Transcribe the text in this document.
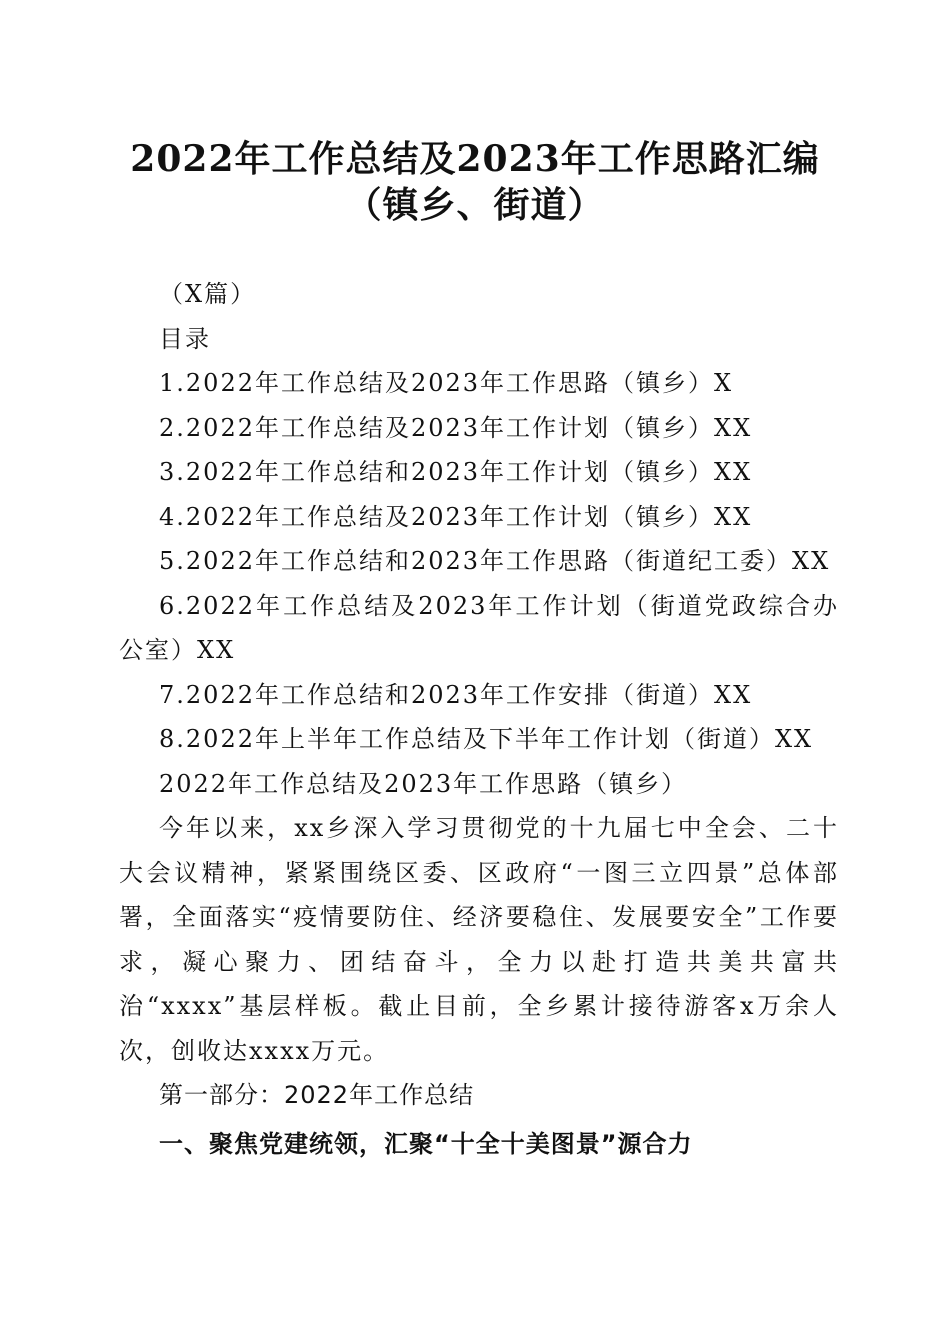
2022年工作总结及2023年工作思路汇编（镇乡、街道）

（X篇）

目录

1.2022年工作总结及2023年工作思路（镇乡）X

2.2022年工作总结及2023年工作计划（镇乡）XX

3.2022年工作总结和2023年工作计划（镇乡）XX

4.2022年工作总结及2023年工作计划（镇乡）XX

5.2022年工作总结和2023年工作思路（街道纪工委）XX

6.2022年工作总结及2023年工作计划（街道党政综合办公室）XX

7.2022年工作总结和2023年工作安排（街道）XX

8.2022年上半年工作总结及下半年工作计划（街道）XX

2022年工作总结及2023年工作思路（镇乡）

今年以来，xx乡深入学习贯彻党的十九届七中全会、二十大会议精神，紧紧围绕区委、区政府“一图三立四景”总体部署，全面落实“疫情要防住、经济要稳住、发展要安全”工作要求，凝心聚力、团结奋斗，全力以赴打造共美共富共治“xxxx”基层样板。截止目前，全乡累计接待游客x万余人次，创收达xxxx万元。

第一部分：2022年工作总结

一、聚焦党建统领，汇聚“十全十美图景”源合力
